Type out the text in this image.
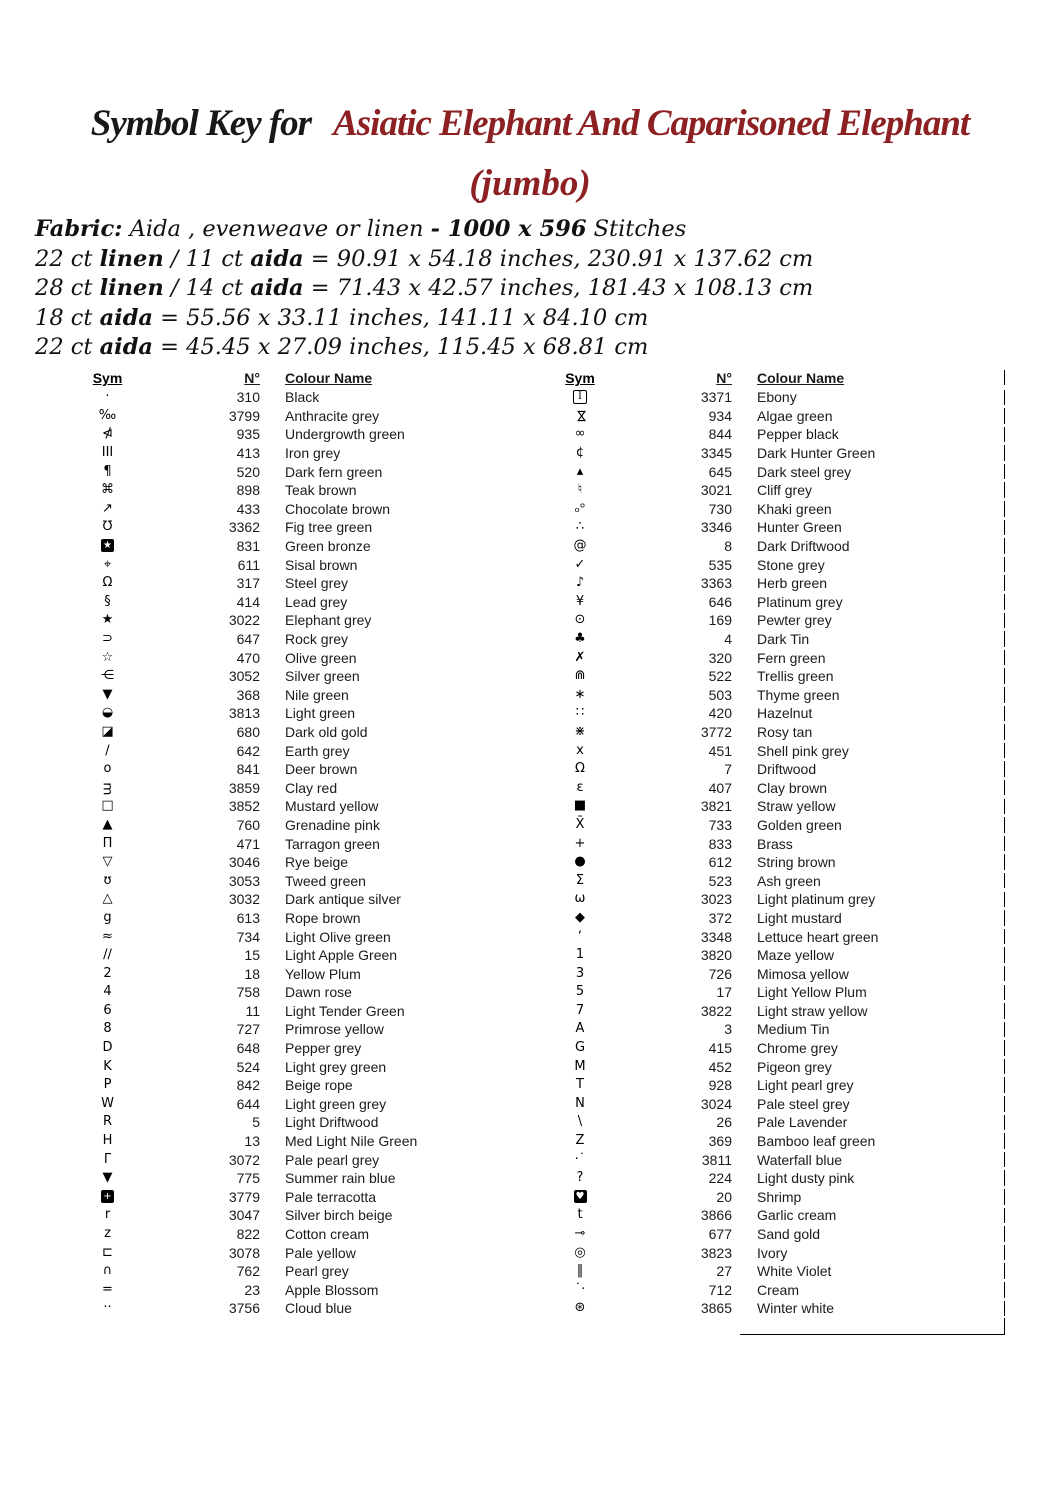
Symbol Key for Asiatic Elephant And Caparisoned Elephant
(jumbo)
Fabric: Aida , evenweave or linen - 1000 x 596 Stitches
22 ct linen / 11 ct aida = 90.91 x 54.18 inches, 230.91 x 137.62 cm
28 ct linen / 14 ct aida = 71.43 x 42.57 inches, 181.43 x 108.13 cm
18 ct aida = 55.56 x 33.11 inches, 141.11 x 84.10 cm
22 ct aida = 45.45 x 27.09 inches, 115.45 x 68.81 cm
Sym	N°	Colour Name
·	310	Black
‰	3799	Anthracite grey
⋪	935	Undergrowth green
III	413	Iron grey
¶	520	Dark fern green
⌘	898	Teak brown
↗	433	Chocolate brown
℧	3362	Fig tree green
★	831	Green bronze
⌖	611	Sisal brown
Ω	317	Steel grey
§	414	Lead grey
★	3022	Elephant grey
⊃	647	Rock grey
☆	470	Olive green
⋲	3052	Silver green
▼	368	Nile green
◒	3813	Light green
◪	680	Dark old gold
∕	642	Earth grey
o	841	Deer brown
ᴟ	3859	Clay red
□	3852	Mustard yellow
▲	760	Grenadine pink
Π	471	Tarragon green
▽	3046	Rye beige
ʊ	3053	Tweed green
△	3032	Dark antique silver
g	613	Rope brown
≈	734	Light Olive green
∕∕	15	Light Apple Green
2	18	Yellow Plum
4	758	Dawn rose
6	11	Light Tender Green
8	727	Primrose yellow
D	648	Pepper grey
K	524	Light grey green
P	842	Beige rope
W	644	Light green grey
R	5	Light Driftwood
H	13	Med Light Nile Green
Γ	3072	Pale pearl grey
▼	775	Summer rain blue
+	3779	Pale terracotta
r	3047	Silver birch beige
z	822	Cotton cream
⊏	3078	Pale yellow
∩	762	Pearl grey
=	23	Apple Blossom
··	3756	Cloud blue
Sym	N°	Colour Name
I	3371	Ebony
⋈	934	Algae green
∞	844	Pepper black
¢	3345	Dark Hunter Green
▴	645	Dark steel grey
♮	3021	Cliff grey
ₒᵒ	730	Khaki green
∴	3346	Hunter Green
@	8	Dark Driftwood
✓	535	Stone grey
♪	3363	Herb green
¥	646	Platinum grey
⊙	169	Pewter grey
♣	4	Dark Tin
✗	320	Fern green
⋒	522	Trellis green
∗	503	Thyme green
∷	420	Hazelnut
⋇	3772	Rosy tan
x	451	Shell pink grey
Ω	7	Driftwood
ε	407	Clay brown
■	3821	Straw yellow
X̄	733	Golden green
+	833	Brass
●	612	String brown
Σ	523	Ash green
ω	3023	Light platinum grey
◆	372	Light mustard
ʻ	3348	Lettuce heart green
1	3820	Maze yellow
3	726	Mimosa yellow
5	17	Light Yellow Plum
7	3822	Light straw yellow
A	3	Medium Tin
G	415	Chrome grey
M	452	Pigeon grey
T	928	Light pearl grey
N	3024	Pale steel grey
\	26	Pale Lavender
Z	369	Bamboo leaf green
·˙	3811	Waterfall blue
?	224	Light dusty pink
♥	20	Shrimp
t	3866	Garlic cream
⊸	677	Sand gold
◎	3823	Ivory
‖	27	White Violet
˙·	712	Cream
⊛	3865	Winter white
